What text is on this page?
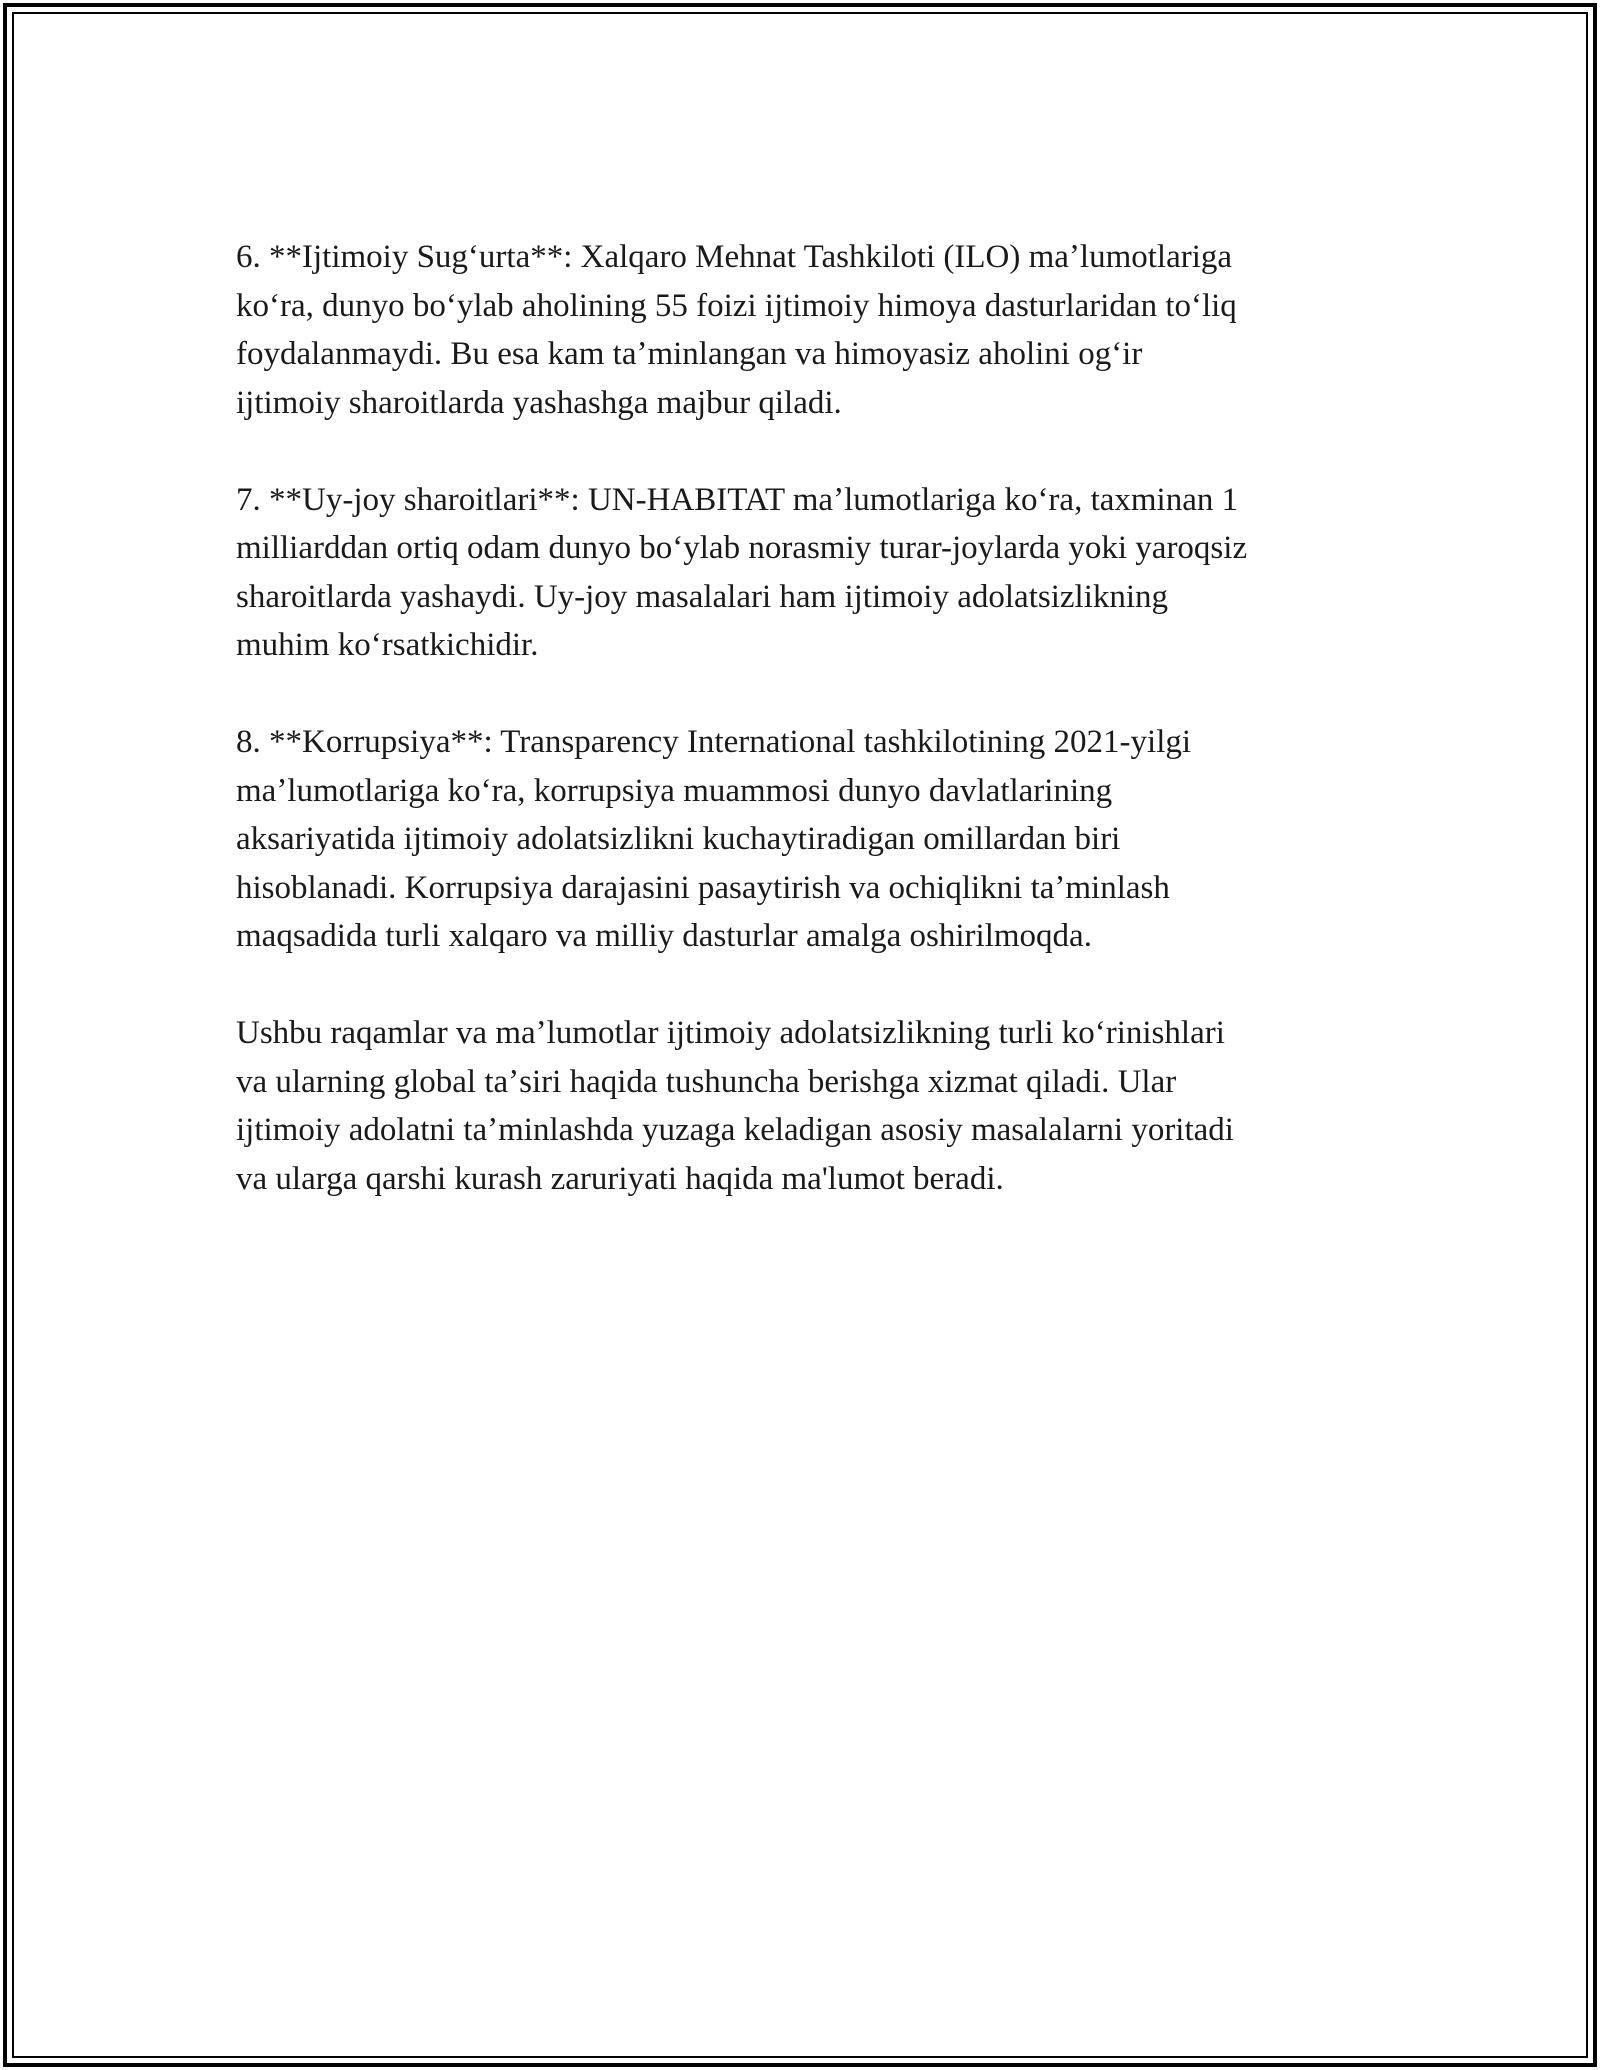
6. **Ijtimoiy Sugʻurta**: Xalqaro Mehnat Tashkiloti (ILO) maʼlumotlariga
koʻra, dunyo boʻylab aholining 55 foizi ijtimoiy himoya dasturlaridan toʻliq
foydalanmaydi. Bu esa kam taʼminlangan va himoyasiz aholini ogʻir
ijtimoiy sharoitlarda yashashga majbur qiladi.

7. **Uy-joy sharoitlari**: UN-HABITAT maʼlumotlariga koʻra, taxminan 1
milliarddan ortiq odam dunyo boʻylab norasmiy turar-joylarda yoki yaroqsiz
sharoitlarda yashaydi. Uy-joy masalalari ham ijtimoiy adolatsizlikning
muhim koʻrsatkichidir.

8. **Korrupsiya**: Transparency International tashkilotining 2021-yilgi
maʼlumotlariga koʻra, korrupsiya muammosi dunyo davlatlarining
aksariyatida ijtimoiy adolatsizlikni kuchaytiradigan omillardan biri
hisoblanadi. Korrupsiya darajasini pasaytirish va ochiqlikni taʼminlash
maqsadida turli xalqaro va milliy dasturlar amalga oshirilmoqda.

Ushbu raqamlar va maʼlumotlar ijtimoiy adolatsizlikning turli koʻrinishlari
va ularning global taʼsiri haqida tushuncha berishga xizmat qiladi. Ular
ijtimoiy adolatni taʼminlashda yuzaga keladigan asosiy masalalarni yoritadi
va ularga qarshi kurash zaruriyati haqida ma'lumot beradi.
